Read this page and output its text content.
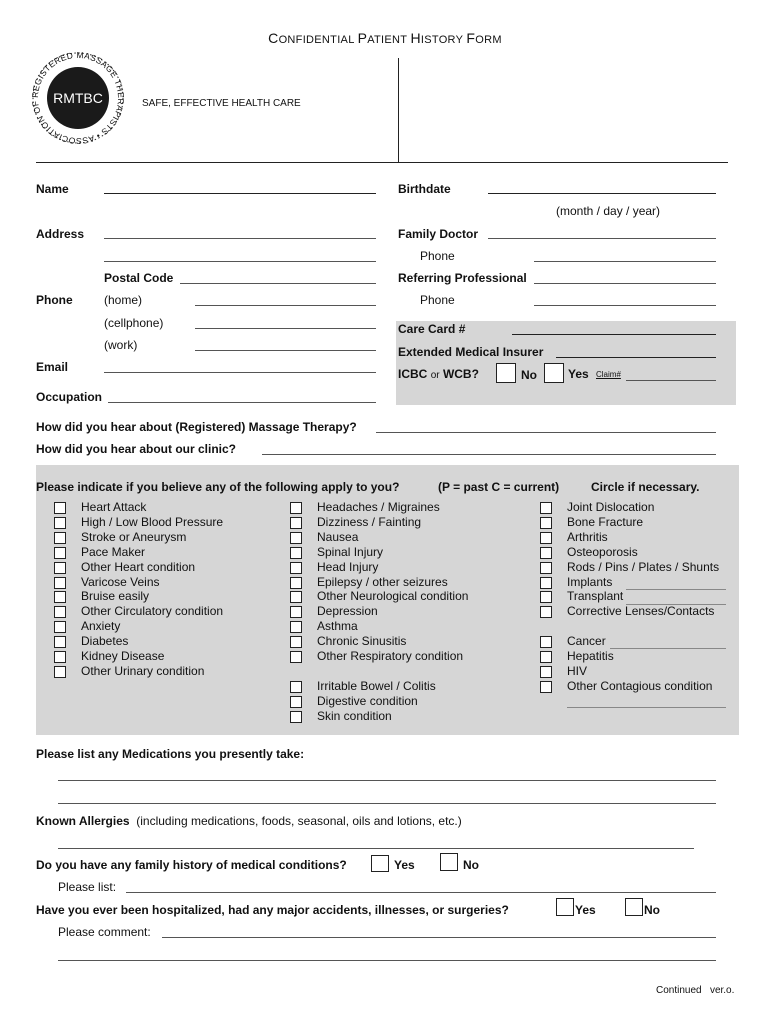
CONFIDENTIAL PATIENT HISTORY FORM
REGISTERED MASSAGE THERAPISTS • ASSOCIATION OF RMTBC	SAFE, EFFECTIVE HEALTH CARE
Name
Address
Postal Code
Phone	(home)
(cellphone)
(work)
Email
Occupation
Birthdate
(month / day / year)
Family Doctor
Phone
Referring Professional
Phone
Care Card #
Extended Medical Insurer
ICBC or WCB?	No	Yes Claim#
How did you hear about (Registered) Massage Therapy?
How did you hear about our clinic?
Please indicate if you believe any of the following apply to you?	(P = past C = current)	Circle if necessary.
Heart Attack
High / Low Blood Pressure
Stroke or Aneurysm
Pace Maker
Other Heart condition
Varicose Veins
Bruise easily
Other Circulatory condition
Anxiety
Diabetes
Kidney Disease
Other Urinary condition
Headaches / Migraines
Dizziness / Fainting
Nausea
Spinal Injury
Head Injury
Epilepsy / other seizures
Other Neurological condition
Depression
Asthma
Chronic Sinusitis
Other Respiratory condition
Irritable Bowel / Colitis
Digestive condition
Skin condition
Joint Dislocation
Bone Fracture
Arthritis
Osteoporosis
Rods / Pins / Plates / Shunts
Implants
Transplant
Corrective Lenses/Contacts
Cancer
Hepatitis
HIV
Other Contagious condition
Please list any Medications you presently take:
Known Allergies (including medications, foods, seasonal, oils and lotions, etc.)
Do you have any family history of medical conditions?	Yes	No
Please list:
Have you ever been hospitalized, had any major accidents, illnesses, or surgeries?	Yes	No
Please comment:
Continued ver.o.
